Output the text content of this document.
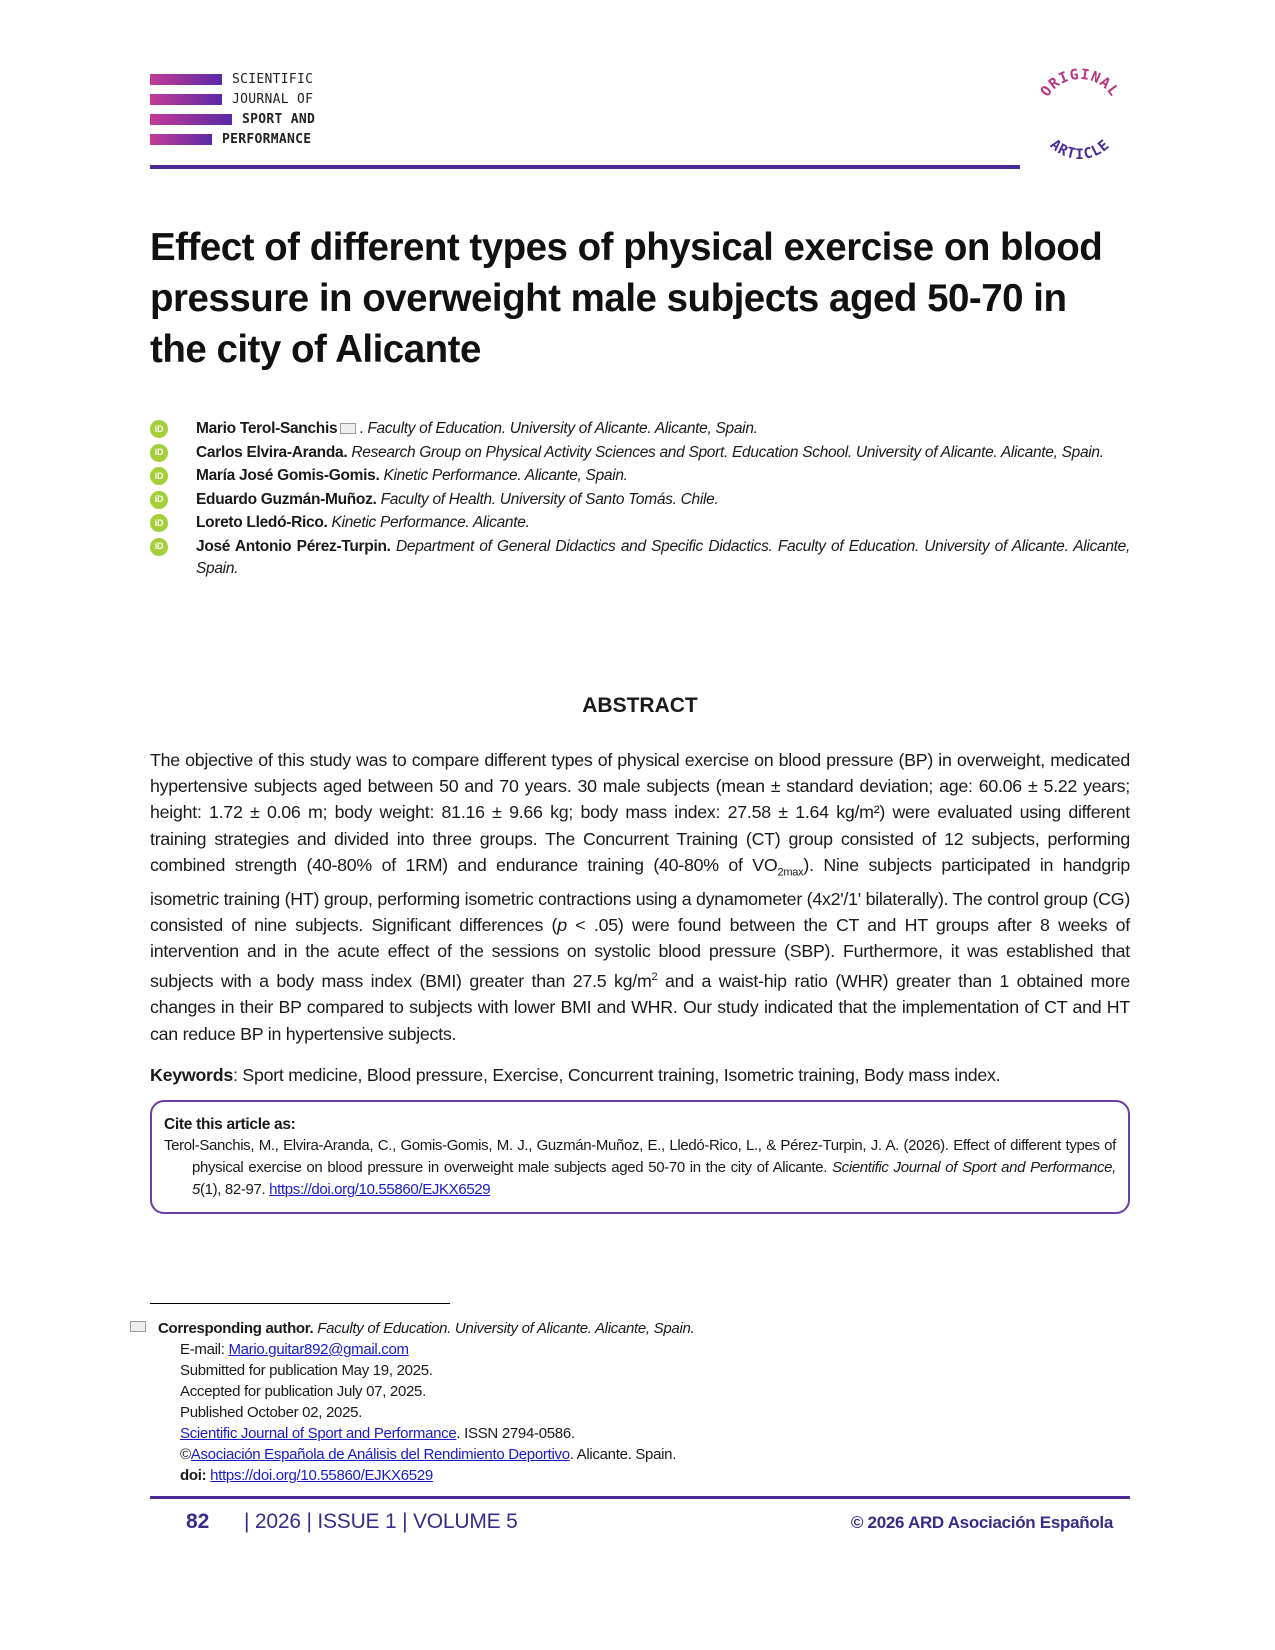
SCIENTIFIC
JOURNAL OF
SPORT AND
PERFORMANCE
ORIGINAL
ARTICLE
Effect of different types of physical exercise on blood pressure in overweight male subjects aged 50-70 in the city of Alicante
iD	Mario Terol-Sanchis . Faculty of Education. University of Alicante. Alicante, Spain.
iD	Carlos Elvira-Aranda. Research Group on Physical Activity Sciences and Sport. Education School. University of Alicante. Alicante, Spain.
iD	María José Gomis-Gomis. Kinetic Performance. Alicante, Spain.
iD	Eduardo Guzmán-Muñoz. Faculty of Health. University of Santo Tomás. Chile.
iD	Loreto Lledó-Rico. Kinetic Performance. Alicante.
iD	José Antonio Pérez-Turpin. Department of General Didactics and Specific Didactics. Faculty of Education. University of Alicante. Alicante, Spain.
ABSTRACT

The objective of this study was to compare different types of physical exercise on blood pressure (BP) in overweight, medicated hypertensive subjects aged between 50 and 70 years. 30 male subjects (mean ± standard deviation; age: 60.06 ± 5.22 years; height: 1.72 ± 0.06 m; body weight: 81.16 ± 9.66 kg; body mass index: 27.58 ± 1.64 kg/m²) were evaluated using different training strategies and divided into three groups. The Concurrent Training (CT) group consisted of 12 subjects, performing combined strength (40-80% of 1RM) and endurance training (40-80% of $VO_{2max}$). Nine subjects participated in handgrip isometric training (HT) group, performing isometric contractions using a dynamometer (4x2'/1' bilaterally). The control group (CG) consisted of nine subjects. Significant differences (p < .05) were found between the CT and HT groups after 8 weeks of intervention and in the acute effect of the sessions on systolic blood pressure (SBP). Furthermore, it was established that subjects with a body mass index (BMI) greater than 27.5 $kg/m^2$ and a waist-hip ratio (WHR) greater than 1 obtained more changes in their BP compared to subjects with lower BMI and WHR. Our study indicated that the implementation of CT and HT can reduce BP in hypertensive subjects.

Keywords: Sport medicine, Blood pressure, Exercise, Concurrent training, Isometric training, Body mass index.

Cite this article as:
Terol-Sanchis, M., Elvira-Aranda, C., Gomis-Gomis, M. J., Guzmán-Muñoz, E., Lledó-Rico, L., & Pérez-Turpin, J. A. (2026). Effect of different types of physical exercise on blood pressure in overweight male subjects aged 50-70 in the city of Alicante. Scientific Journal of Sport and Performance, 5(1), 82-97. https://doi.org/10.55860/EJKX6529
Corresponding author. Faculty of Education. University of Alicante. Alicante, Spain.
E-mail: Mario.guitar892@gmail.com
Submitted for publication May 19, 2025.
Accepted for publication July 07, 2025.
Published October 02, 2025.
Scientific Journal of Sport and Performance. ISSN 2794-0586.
©Asociación Española de Análisis del Rendimiento Deportivo. Alicante. Spain.
doi: https://doi.org/10.55860/EJKX6529
82 | 2026 | ISSUE 1 | VOLUME 5	© 2026 ARD Asociación Española
